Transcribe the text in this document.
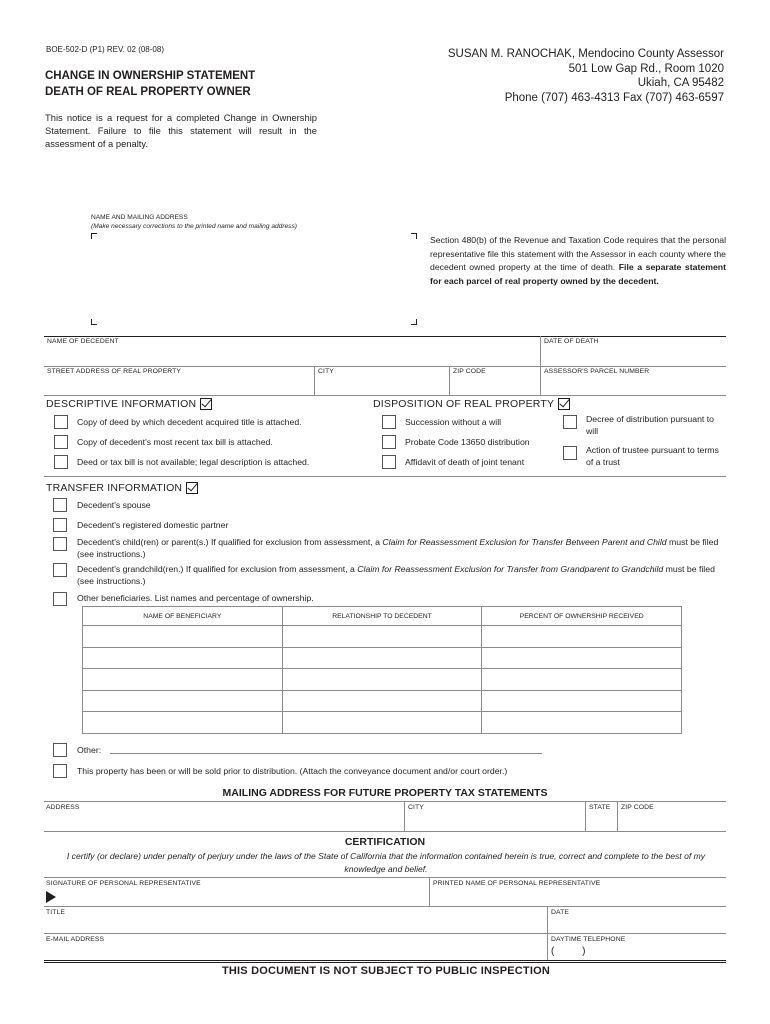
BOE-502-D (P1) REV. 02 (08-08)
CHANGE IN OWNERSHIP STATEMENT
DEATH OF REAL PROPERTY OWNER
This notice is a request for a completed Change in Ownership Statement. Failure to file this statement will result in the assessment of a penalty.
SUSAN M. RANOCHAK, Mendocino County Assessor
501 Low Gap Rd., Room 1020
Ukiah, CA 95482
Phone (707) 463-4313 Fax (707) 463-6597
NAME AND MAILING ADDRESS
(Make necessary corrections to the printed name and mailing address)
Section 480(b) of the Revenue and Taxation Code requires that the personal representative file this statement with the Assessor in each county where the decedent owned property at the time of death. File a separate statement for each parcel of real property owned by the decedent.
NAME OF DECEDENT	DATE OF DEATH
STREET ADDRESS OF REAL PROPERTY	CITY	ZIP CODE	ASSESSOR'S PARCEL NUMBER
DESCRIPTIVE INFORMATION
Copy of deed by which decedent acquired title is attached.
Copy of decedent's most recent tax bill is attached.
Deed or tax bill is not available; legal description is attached.
DISPOSITION OF REAL PROPERTY
Succession without a will
Probate Code 13650 distribution
Affidavit of death of joint tenant
Decree of distribution pursuant to will
Action of trustee pursuant to terms of a trust
TRANSFER INFORMATION
Decedent's spouse
Decedent's registered domestic partner
Decedent's child(ren) or parent(s.) If qualified for exclusion from assessment, a Claim for Reassessment Exclusion for Transfer Between Parent and Child must be filed (see instructions.)
Decedent's grandchild(ren.) If qualified for exclusion from assessment, a Claim for Reassessment Exclusion for Transfer from Grandparent to Grandchild must be filed (see instructions.)
Other beneficiaries. List names and percentage of ownership.
NAME OF BENEFICIARY	RELATIONSHIP TO DECEDENT	PERCENT OF OWNERSHIP RECEIVED

Other:
This property has been or will be sold prior to distribution. (Attach the conveyance document and/or court order.)
MAILING ADDRESS FOR FUTURE PROPERTY TAX STATEMENTS
ADDRESS	CITY	STATE ZIP CODE
CERTIFICATION
I certify (or declare) under penalty of perjury under the laws of the State of California that the information contained herein is true, correct and complete to the best of my knowledge and belief.
SIGNATURE OF PERSONAL REPRESENTATIVE	PRINTED NAME OF PERSONAL REPRESENTATIVE
TITLE	DATE
E-MAIL ADDRESS	DAYTIME TELEPHONE
(          )
THIS DOCUMENT IS NOT SUBJECT TO PUBLIC INSPECTION
